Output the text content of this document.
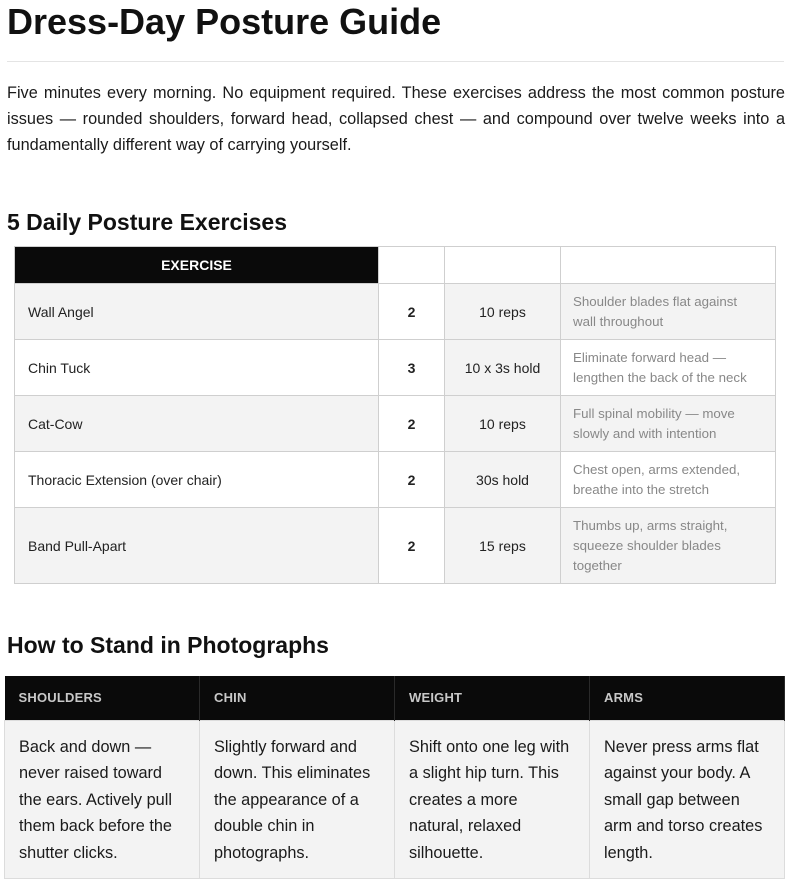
Dress-Day Posture Guide

Five minutes every morning. No equipment required. These exercises address the most common posture issues — rounded shoulders, forward head, collapsed chest — and compound over twelve weeks into a fundamentally different way of carrying yourself.

5 Daily Posture Exercises
EXERCISE			
Wall Angel	2	10 reps	Shoulder blades flat against wall throughout
Chin Tuck	3	10 x 3s hold	Eliminate forward head — lengthen the back of the neck
Cat-Cow	2	10 reps	Full spinal mobility — move slowly and with intention
Thoracic Extension (over chair)	2	30s hold	Chest open, arms extended, breathe into the stretch
Band Pull-Apart	2	15 reps	Thumbs up, arms straight, squeeze shoulder blades together
How to Stand in Photographs
SHOULDERS	CHIN	WEIGHT	ARMS
Back and down — never raised toward the ears. Actively pull them back before the shutter clicks.	Slightly forward and down. This eliminates the appearance of a double chin in photographs.	Shift onto one leg with a slight hip turn. This creates a more natural, relaxed silhouette.	Never press arms flat against your body. A small gap between arm and torso creates length.
